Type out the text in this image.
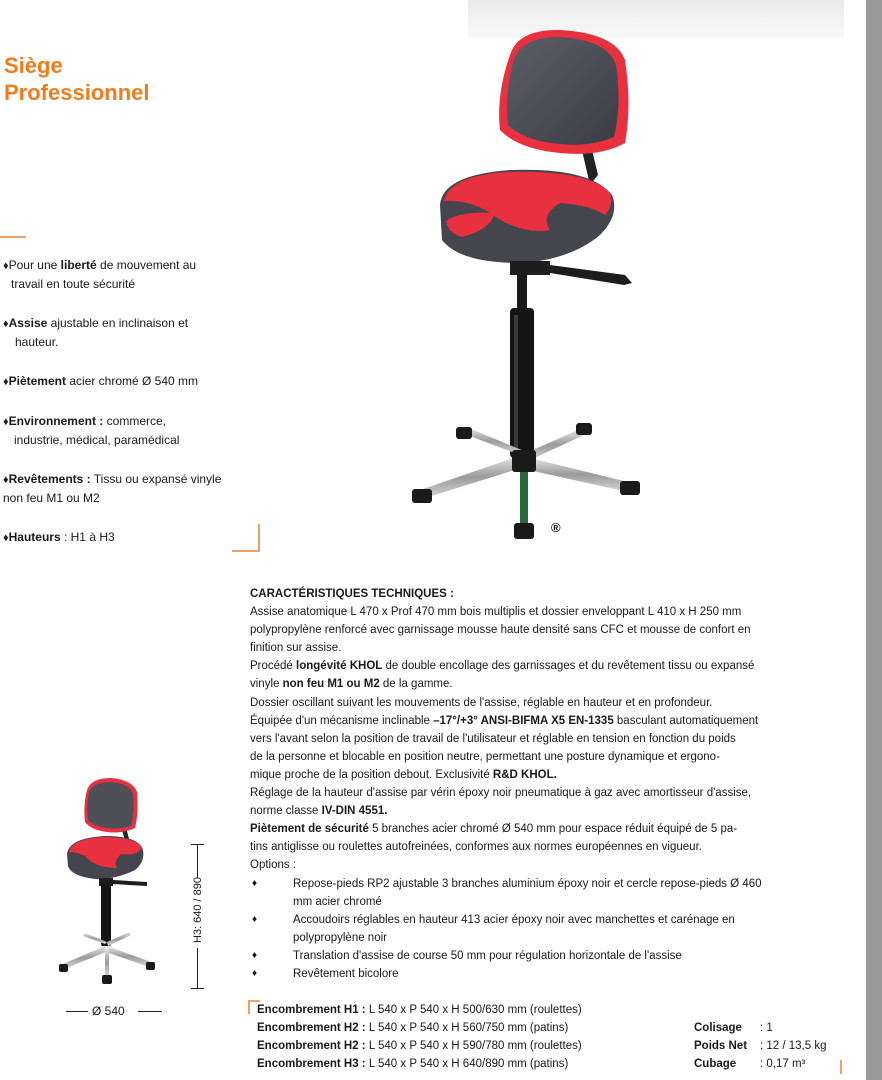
Siège
Professionnel
♦Pour une liberté de mouvement au
travail en toute sécurité
♦Assise ajustable en inclinaison et
hauteur.
♦Piètement acier chromé Ø 540 mm
♦Environnement : commerce,
industrie, médical, paramédical
♦Revêtements : Tissu ou expansé vinyle
non feu M1 ou M2
♦Hauteurs : H1 à H3
®
H3: 640 / 890
Ø 540

CARACTÉRISTIQUES TECHNIQUES :

Assise anatomique L 470 x Prof 470 mm bois multiplis et dossier enveloppant L 410 x H 250 mm

polypropylène renforcé avec garnissage mousse haute densité sans CFC et mousse de confort en

finition sur assise.

Procédé longévité KHOL de double encollage des garnissages et du revêtement tissu ou expansé

vinyle non feu M1 ou M2 de la gamme.

Dossier oscillant suivant les mouvements de l'assise, réglable en hauteur et en profondeur.

Équipée d'un mécanisme inclinable –17°/+3° ANSI-BIFMA X5 EN-1335 basculant automatiquement

vers l'avant selon la position de travail de l'utilisateur et réglable en tension en fonction du poids

de la personne et blocable en position neutre, permettant une posture dynamique et ergono-

mique proche de la position debout. Exclusivité R&D KHOL.

Réglage de la hauteur d'assise par vérin époxy noir pneumatique à gaz avec amortisseur d'assise,

norme classe IV-DIN 4551.

Piètement de sécurité 5 branches acier chromé Ø 540 mm pour espace réduit équipé de 5 pa-

tins antiglisse ou roulettes autofreinées, conformes aux normes européennes en vigueur.

Options :

♦	Repose-pieds RP2 ajustable 3 branches aluminium époxy noir et cercle repose-pieds Ø 460

mm acier chromé

♦	Accoudoirs réglables en hauteur 413 acier époxy noir avec manchettes et carénage en

polypropylène noir

♦	Translation d'assise de course 50 mm pour régulation horizontale de l'assise

♦	Revêtement bicolore

Encombrement H1 : L 540 x P 540 x H 500/630 mm (roulettes)
Encombrement H2 : L 540 x P 540 x H 560/750 mm (patins)
Encombrement H2 : L 540 x P 540 x H 590/780 mm (roulettes)
Encombrement H3 : L 540 x P 540 x H 640/890 mm (patins)
Colisage : 1
Poids Net : 12 / 13,5 kg
Cubage : 0,17 m³
